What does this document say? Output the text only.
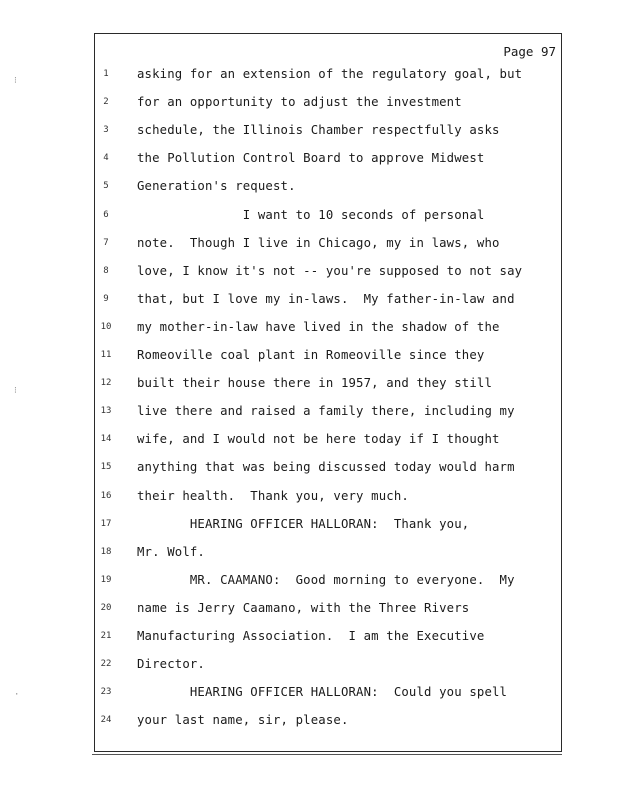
Page 97
1	asking for an extension of the regulatory goal, but
2	for an opportunity to adjust the investment
3	schedule, the Illinois Chamber respectfully asks
4	the Pollution Control Board to approve Midwest
5	Generation's request.
6	I want to 10 seconds of personal
7	note.  Though I live in Chicago, my in laws, who
8	love, I know it's not -- you're supposed to not say
9	that, but I love my in-laws.  My father-in-law and
10	my mother-in-law have lived in the shadow of the
11	Romeoville coal plant in Romeoville since they
12	built their house there in 1957, and they still
13	live there and raised a family there, including my
14	wife, and I would not be here today if I thought
15	anything that was being discussed today would harm
16	their health.  Thank you, very much.
17	HEARING OFFICER HALLORAN:  Thank you,
18	Mr. Wolf.
19	MR. CAAMANO:  Good morning to everyone.  My
20	name is Jerry Caamano, with the Three Rivers
21	Manufacturing Association.  I am the Executive
22	Director.
23	HEARING OFFICER HALLORAN:  Could you spell
24	your last name, sir, please.
⁝
⁝
·
